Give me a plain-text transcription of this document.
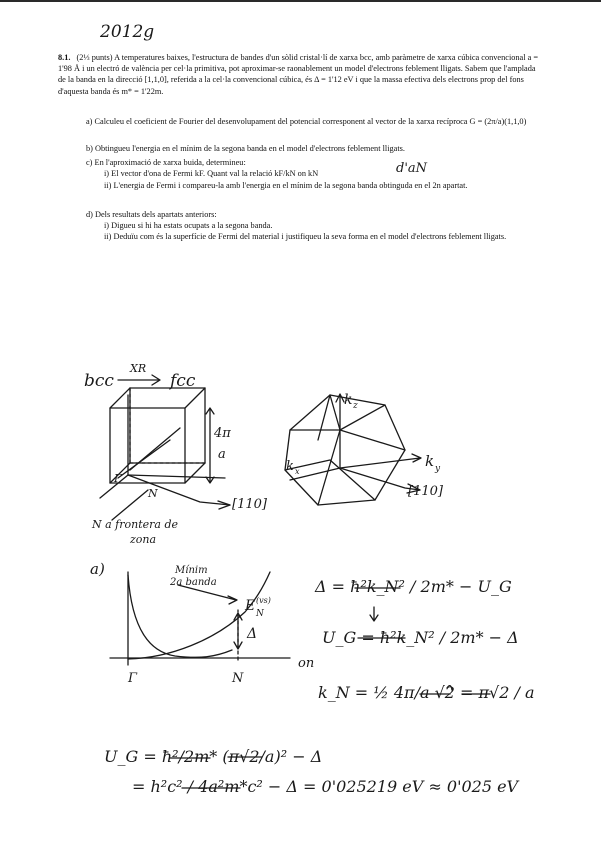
2012g
8.1. (2⅓ punts) A temperatures baixes, l'estructura de bandes d'un sòlid cristal·lí de xarxa bcc, amb paràmetre de xarxa cúbica convencional a = 1'98 Å i un electró de valència per cel·la primitiva, pot aproximar-se raonablement un model d'electrons feblement lligats. Sabem que l'amplada de la banda en la direcció [1,1,0], referida a la cel·la convencional cúbica, és Δ = 1'12 eV i que la massa efectiva dels electrons prop del fons d'aquesta banda és m* = 1'22m.
a) Calculeu el coeficient de Fourier del desenvolupament del potencial corresponent al vector de la xarxa recíproca G = (2π/a)(1,1,0)
b) Obtingueu l'energia en el mínim de la segona banda en el model d'electrons feblement lligats.
c) En l'aproximació de xarxa buida, determineu:
i) El vector d'ona de Fermi kF. Quant val la relació kF/kN on kN	d'aN
ii) L'energia de Fermi i compareu-la amb l'energia en el mínim de la segona banda obtinguda en el 2n apartat.
d) Dels resultats dels apartats anteriors:
i) Digueu si hi ha estats ocupats a la segona banda.
ii) Deduïu com és la superfície de Fermi del material i justifiqueu la seva forma en el model d'electrons feblement lligats.
bcc
XR
fcc
4π
a
Γ
N
[110]
N a frontera de
zona
k z
k x
k y
[110]
a)	Mínim
2a banda
E (vs)
N
Δ
Γ	N
Δ = ħ²k_N² / 2m* − U_G
U_G = ħ²k_N² / 2m* − Δ
on
k_N = ½ 4π/a √2 = π√2 / a
U_G = ħ²/2m* (π√2/a)² − Δ
= h²c² / 4a²m*c² − Δ = 0'025219 eV ≈ 0'025 eV
